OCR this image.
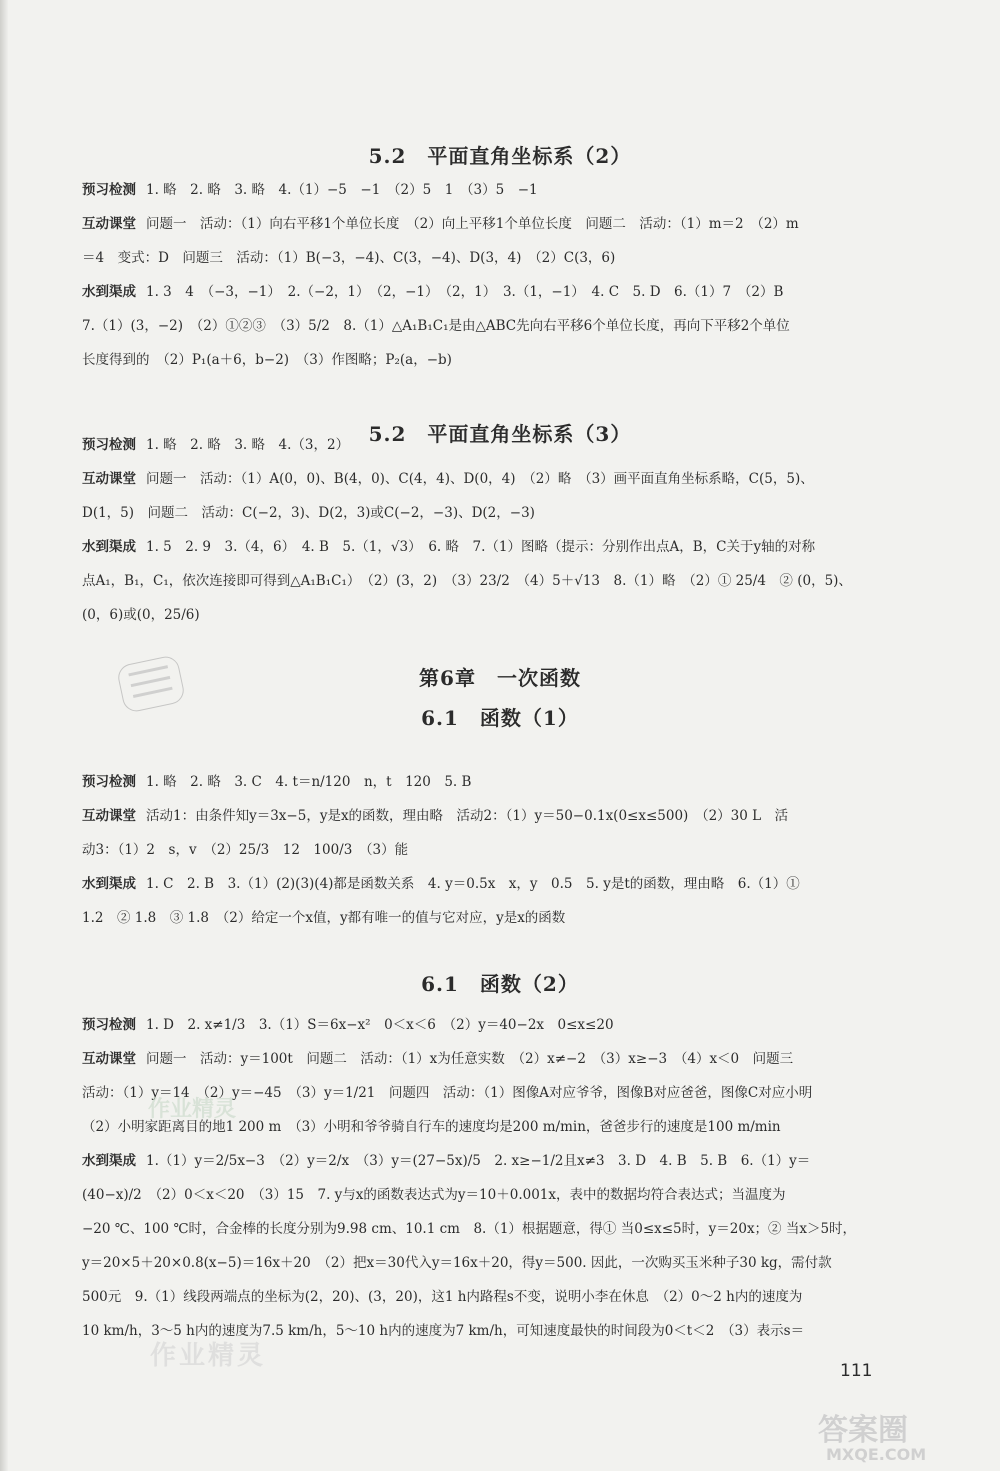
5.2　平面直角坐标系（2）
预习检测 1. 略　2. 略　3. 略　4.（1）−5　−1　（2）5　1　（3）5　−1
互动课堂 问题一　活动：（1）向右平移1个单位长度　（2）向上平移1个单位长度　问题二　活动：（1）m＝2　（2）m
＝4　变式：D　问题三　活动：（1）B(−3，−4)、C(3，−4)、D(3，4)　（2）C(3，6)
水到渠成 1. 3　4　（−3，−1）　2.（−2，1）　（2，−1）　（2，1）　3.（1，−1）　4. C　5. D　6.（1）7　（2）B
7.（1）(3，−2)　（2）①②③　（3）5/2　8.（1）△A₁B₁C₁是由△ABC先向右平移6个单位长度，再向下平移2个单位
长度得到的　（2）P₁(a＋6，b−2)　（3）作图略；P₂(a，−b)
5.2　平面直角坐标系（3）
预习检测 1. 略　2. 略　3. 略　4.（3，2）
互动课堂 问题一　活动：（1）A(0，0)、B(4，0)、C(4，4)、D(0，4)　（2）略　（3）画平面直角坐标系略，C(5，5)、
D(1，5)　问题二　活动：C(−2，3)、D(2，3)或C(−2，−3)、D(2，−3)
水到渠成 1. 5　2. 9　3.（4，6）　4. B　5.（1，√3）　6. 略　7.（1）图略（提示：分别作出点A，B，C关于y轴的对称
点A₁，B₁，C₁，依次连接即可得到△A₁B₁C₁）　（2）(3，2)　（3）23/2　（4）5＋√13　8.（1）略　（2）① 25/4　② (0，5)、
(0，6)或(0，25/6)
第6章　一次函数
6.1　函数（1）
预习检测 1. 略　2. 略　3. C　4. t＝n/120　n，t　120　5. B
互动课堂 活动1：由条件知y＝3x−5，y是x的函数，理由略　活动2：（1）y＝50−0.1x(0≤x≤500)　（2）30 L　活
动3：（1）2　s，v　（2）25/3　12　100/3　（3）能
水到渠成 1. C　2. B　3.（1）(2)(3)(4)都是函数关系　4. y＝0.5x　x，y　0.5　5. y是t的函数，理由略　6.（1）①
1.2　② 1.8　③ 1.8　（2）给定一个x值，y都有唯一的值与它对应，y是x的函数
6.1　函数（2）
预习检测 1. D　2. x≠1/3　3.（1）S＝6x−x²　0＜x＜6　（2）y＝40−2x　0≤x≤20
互动课堂 问题一　活动：y＝100t　问题二　活动：（1）x为任意实数　（2）x≠−2　（3）x≥−3　（4）x＜0　问题三
活动：（1）y＝14　（2）y＝−45　（3）y＝1/21　问题四　活动：（1）图像A对应爷爷，图像B对应爸爸，图像C对应小明
（2）小明家距离目的地1 200 m　（3）小明和爷爷骑自行车的速度均是200 m/min，爸爸步行的速度是100 m/min
水到渠成 1.（1）y＝2/5x−3　（2）y＝2/x　（3）y＝(27−5x)/5　2. x≥−1/2且x≠3　3. D　4. B　5. B　6.（1）y＝
(40−x)/2　（2）0＜x＜20　（3）15　7. y与x的函数表达式为y＝10＋0.001x，表中的数据均符合表达式；当温度为
−20 ℃、100 ℃时，合金棒的长度分别为9.98 cm、10.1 cm　8.（1）根据题意，得① 当0≤x≤5时，y＝20x；② 当x＞5时，
y＝20×5＋20×0.8(x−5)＝16x＋20　（2）把x＝30代入y＝16x＋20，得y＝500. 因此，一次购买玉米种子30 kg，需付款
500元　9.（1）线段两端点的坐标为(2，20)、(3，20)，这1 h内路程s不变，说明小李在休息　（2）0～2 h内的速度为
10 km/h，3～5 h内的速度为7.5 km/h，5～10 h内的速度为7 km/h，可知速度最快的时间段为0＜t＜2　（3）表示s＝
作业精灵
作业精灵
答案圈
MXQE.COM
111
